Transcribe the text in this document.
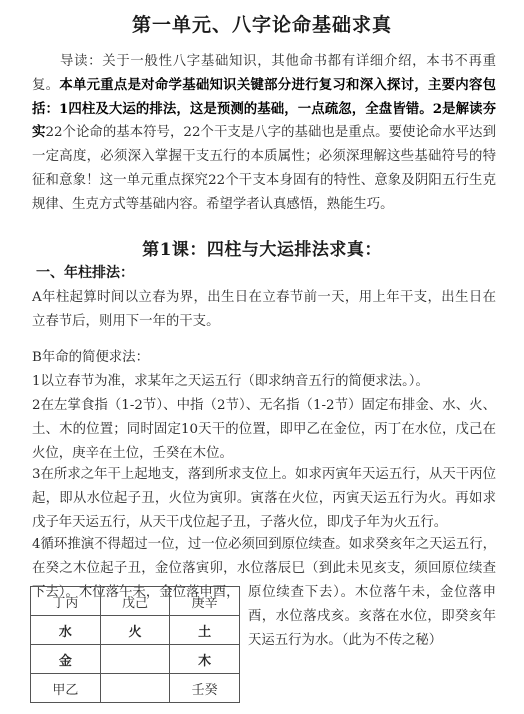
第一单元、八字论命基础求真

导读：关于一般性八字基础知识，其他命书都有详细介绍，本书不再重复。本单元重点是对命学基础知识关键部分进行复习和深入探讨，主要内容包括：1四柱及大运的排法，这是预测的基础，一点疏忽，全盘皆错。2是解读夯实22个论命的基本符号，22个干支是八字的基础也是重点。要使论命水平达到一定高度，必须深入掌握干支五行的本质属性；必须深理解这些基础符号的特征和意象！这一单元重点探究22个干支本身固有的特性、意象及阴阳五行生克规律、生克方式等基础内容。希望学者认真感悟，熟能生巧。

第1课：四柱与大运排法求真：
一、年柱排法：

A年柱起算时间以立春为界，出生日在立春节前一天，用上年干支，出生日在立春节后，则用下一年的干支。

B年命的简便求法：

1以立春节为准，求某年之天运五行（即求纳音五行的简便求法。）。

2在左掌食指（1-2节）、中指（2节）、无名指（1-2节）固定布排金、水、火、土、木的位置；同时固定10天干的位置，即甲乙在金位，丙丁在水位，戊己在火位，庚辛在土位，壬癸在木位。

3在所求之年干上起地支，落到所求支位上。如求丙寅年天运五行，从天干丙位起，即从水位起子丑，火位为寅卯。寅落在火位，丙寅天运五行为火。再如求戊子年天运五行，从天干戊位起子丑，子落火位，即戊子年为火五行。

4循环推演不得超过一位，过一位必须回到原位续查。如求癸亥年之天运五行，在癸之木位起子丑，金位落寅卯，水位落辰巳（到此未见亥支，须回原位续查下去）。木位落午未，金位落申酉， 原位续查下去）。木位落午未，金位落申酉，水位落戌亥。亥落在水位，即癸亥年天运五行为水。（此为不传之秘）

丁丙	戊己	庚辛
水	火	土
金		木
甲乙		壬癸
